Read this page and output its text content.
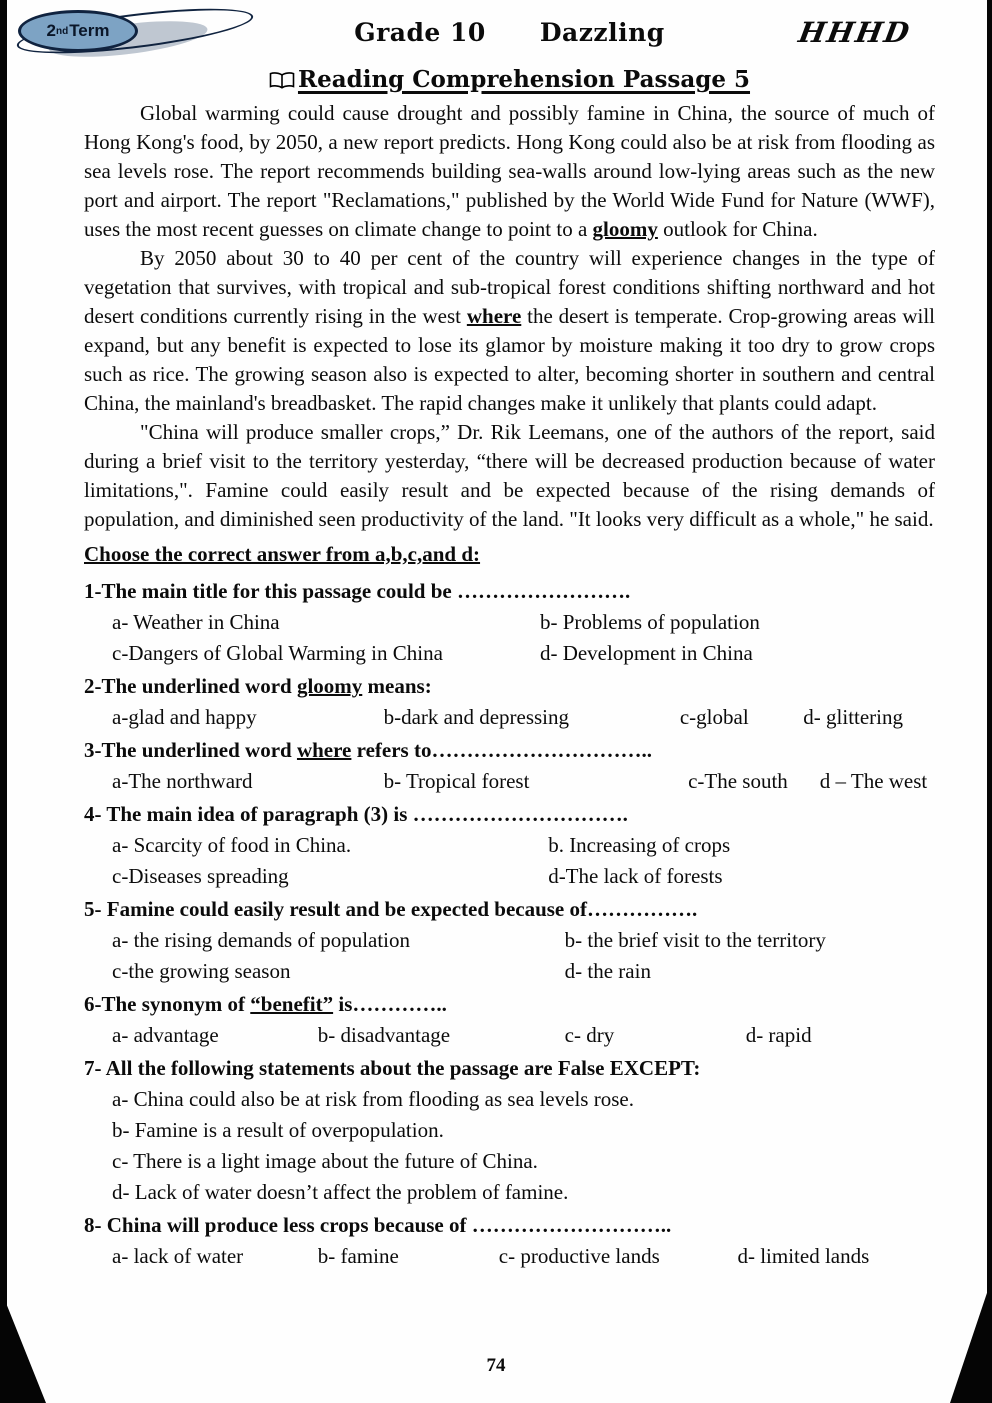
2 nd Term	Grade 10 Dazzling	HHHD
Reading Comprehension Passage 5

Global warming could cause drought and possibly famine in China, the source of much of Hong Kong's food, by 2050, a new report predicts. Hong Kong could also be at risk from flooding as sea levels rose. The report recommends building sea-walls around low-lying areas such as the new port and airport. The report "Reclamations," published by the World Wide Fund for Nature (WWF), uses the most recent guesses on climate change to point to a gloomy outlook for China.

By 2050 about 30 to 40 per cent of the country will experience changes in the type of vegetation that survives, with tropical and sub-tropical forest conditions shifting northward and hot desert conditions currently rising in the west where the desert is temperate. Crop-growing areas will expand, but any benefit is expected to lose its glamor by moisture making it too dry to grow crops such as rice. The growing season also is expected to alter, becoming shorter in southern and central China, the mainland's breadbasket. The rapid changes make it unlikely that plants could adapt.

"China will produce smaller crops,” Dr. Rik Leemans, one of the authors of the report, said during a brief visit to the territory yesterday, “there will be decreased production because of water limitations,". Famine could easily result and be expected because of the rising demands of population, and diminished seen productivity of the land. "It looks very difficult as a whole," he said.

Choose the correct answer from a,b,c,and d:
1-The main title for this passage could be …………………….
a- Weather in China	b- Problems of population
c-Dangers of Global Warming in China	d- Development in China
2-The underlined word gloomy means:
a-glad and happy	b-dark and depressing	c-global	d- glittering
3-The underlined word where refers to…………………………..
a-The northward	b- Tropical forest	c-The south	d – The west
4- The main idea of paragraph (3) is ………………………….
a- Scarcity of food in China.	b. Increasing of crops
c-Diseases spreading	d-The lack of forests
5- Famine could easily result and be expected because of…………….
a- the rising demands of population	b- the brief visit to the territory
c-the growing season	d- the rain
6-The synonym of “benefit” is…………..
a- advantage	b- disadvantage	c- dry	d- rapid
7- All the following statements about the passage are False EXCEPT:
a- China could also be at risk from flooding as sea levels rose.
b- Famine is a result of overpopulation.
c- There is a light image about the future of China.
d- Lack of water doesn’t affect the problem of famine.
8- China will produce less crops because of ………………………..
a- lack of water	b- famine	c- productive lands	d- limited lands
74
